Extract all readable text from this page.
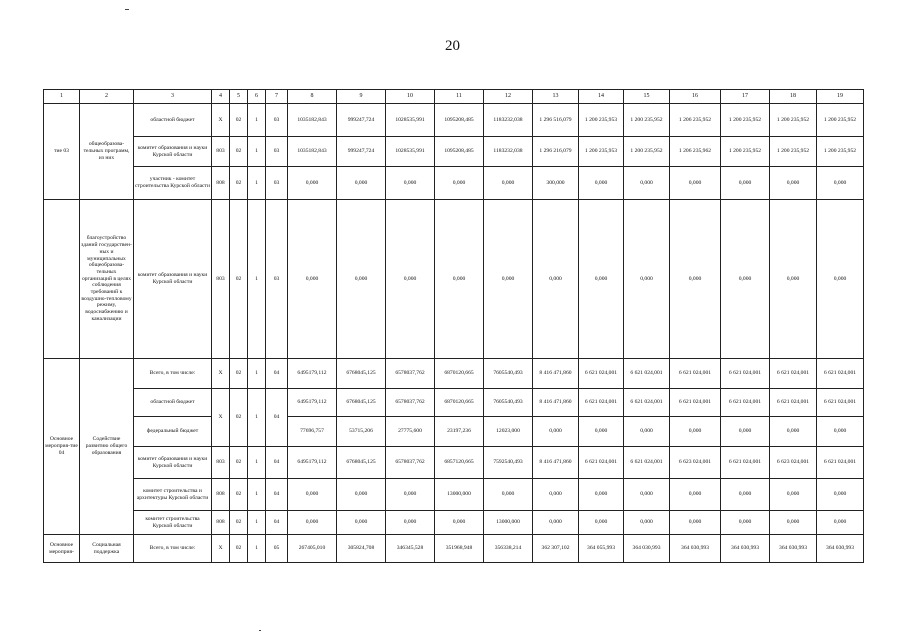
20
1	2	3	4	5	6	7	8	9	10	11	12	13	14	15	16	17	18	19
тие 03	общеобразова-тельных программ, из них	областной бюджет	X	02	1	03	1035182,843	999247,724	1028535,991	1095208,485	1183232,038	1 296 516,079	1 200 235,953	1 200 235,952	1 206 235,952	1 200 235,952	1 200 235,952	1 200 235,952
		комитет образования и науки Курской области	803	02	1	03	1035182,843	999247,724	1028535,991	1095208,485	1183232,038	1 296 216,079	1 200 235,953	1 200 235,952	1 206 235,962	1 200 235,952	1 200 235,952	1 200 235,952
		участник - комитет строительства Курской области	808	02	1	03	0,000	0,000	0,000	0,000	0,000	300,000	0,000	0,000	0,000	0,000	0,000	0,000
	благоустройство зданий государствен-ных и муниципальных общеобразова-тельных организаций в целях соблюдения требований к воздушно-тепловому режиму, водоснабжению и канализации	комитет образования и науки Курской области	803	02	1	03	0,000	0,000	0,000	0,000	0,000	0,000	0,000	0,000	0,000	0,000	0,000	0,000
Основное мероприя-тие 04	Содействие развитию общего образования	Всего, в том числе:	X	02	1	04	6495179,112	6768045,125	6578037,762	6870120,665	7605540,493	8 416 471,860	6 621 024,001	6 621 024,001	6 621 024,001	6 621 024,001	6 621 024,001	6 621 024,001
		областной бюджет	X	02	1	04	6495179,112	6768045,125	6578037,762	6870120,665	7605540,493	8 416 471,860	6 621 024,001	6 621 024,001	6 621 024,001	6 621 024,001	6 621 024,001	6 621 024,001
		федеральный бюджет					77696,757	53715,206	27775,600	23197,236	12023,000	0,000	0,000	0,000	0,000	0,000	0,000	0,000
		комитет образования и науки Курской области	803	02	1	04	6495179,112	6768045,125	6578037,762	6857120,665	7592540,493	8 416 471,860	6 621 024,001	6 621 024,001	6 623 024,001	6 621 024,001	6 623 024,001	6 621 024,001
		комитет строительства и архитектуры Курской области	808	02	1	04	0,000	0,000	0,000	13000,000	0,000	0,000	0,000	0,000	0,000	0,000	0,000	0,000
		комитет строительства Курской области	808	02	1	04	0,000	0,000	0,000	0,000	13000,000	0,000	0,000	0,000	0,000	0,000	0,000	0,000
Основное мероприя-	Социальная поддержка	Всего, в том числе:	X	02	1	05	267405,010	305824,708	346345,528	351968,948	356338,214	362 307,102	364 055,993	364 030,993	364 030,993	364 030,993	364 030,993	364 030,993
